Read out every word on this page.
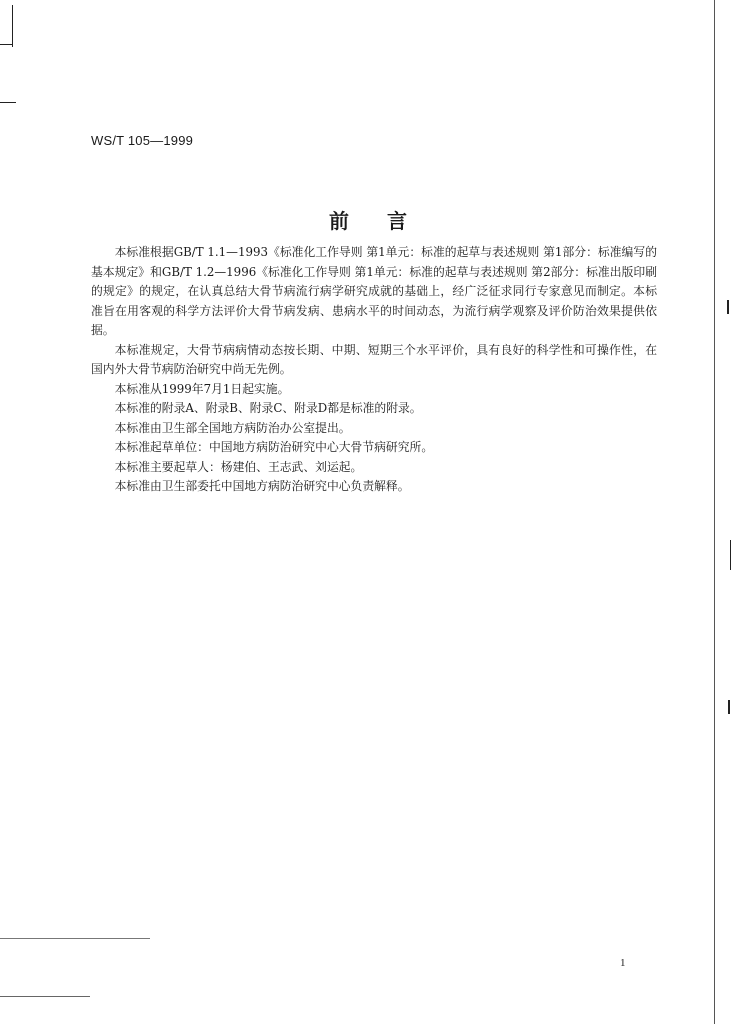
WS/T 105—1999
前言

本标准根据GB/T 1.1—1993《标准化工作导则 第1单元：标准的起草与表述规则 第1部分：标准编写的基本规定》和GB/T 1.2—1996《标准化工作导则 第1单元：标准的起草与表述规则 第2部分：标准出版印刷的规定》的规定，在认真总结大骨节病流行病学研究成就的基础上，经广泛征求同行专家意见而制定。本标准旨在用客观的科学方法评价大骨节病发病、患病水平的时间动态，为流行病学观察及评价防治效果提供依据。

本标准规定，大骨节病病情动态按长期、中期、短期三个水平评价，具有良好的科学性和可操作性，在国内外大骨节病防治研究中尚无先例。

本标准从1999年7月1日起实施。

本标准的附录A、附录B、附录C、附录D都是标准的附录。

本标准由卫生部全国地方病防治办公室提出。

本标准起草单位：中国地方病防治研究中心大骨节病研究所。

本标准主要起草人：杨建伯、王志武、刘运起。

本标准由卫生部委托中国地方病防治研究中心负责解释。

1
